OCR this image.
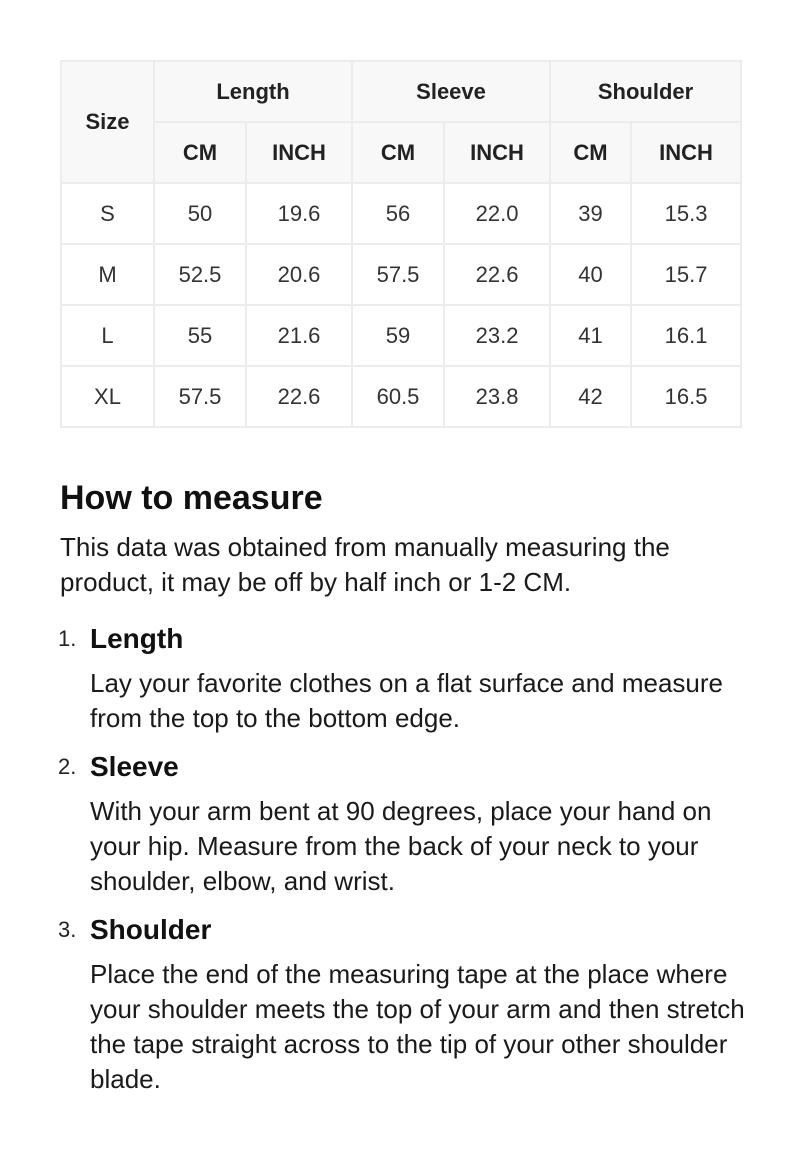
Size	Length		Sleeve		Shoulder	
	CM	INCH	CM	INCH	CM	INCH
S	50	19.6	56	22.0	39	15.3
M	52.5	20.6	57.5	22.6	40	15.7
L	55	21.6	59	23.2	41	16.1
XL	57.5	22.6	60.5	23.8	42	16.5
How to measure

This data was obtained from manually measuring the product, it may be off by half inch or 1-2 CM.

1. Length

Lay your favorite clothes on a flat surface and measure from the top to the bottom edge.

2. Sleeve

With your arm bent at 90 degrees, place your hand on your hip. Measure from the back of your neck to your shoulder, elbow, and wrist.

3. Shoulder

Place the end of the measuring tape at the place where your shoulder meets the top of your arm and then stretch the tape straight across to the tip of your other shoulder blade.
